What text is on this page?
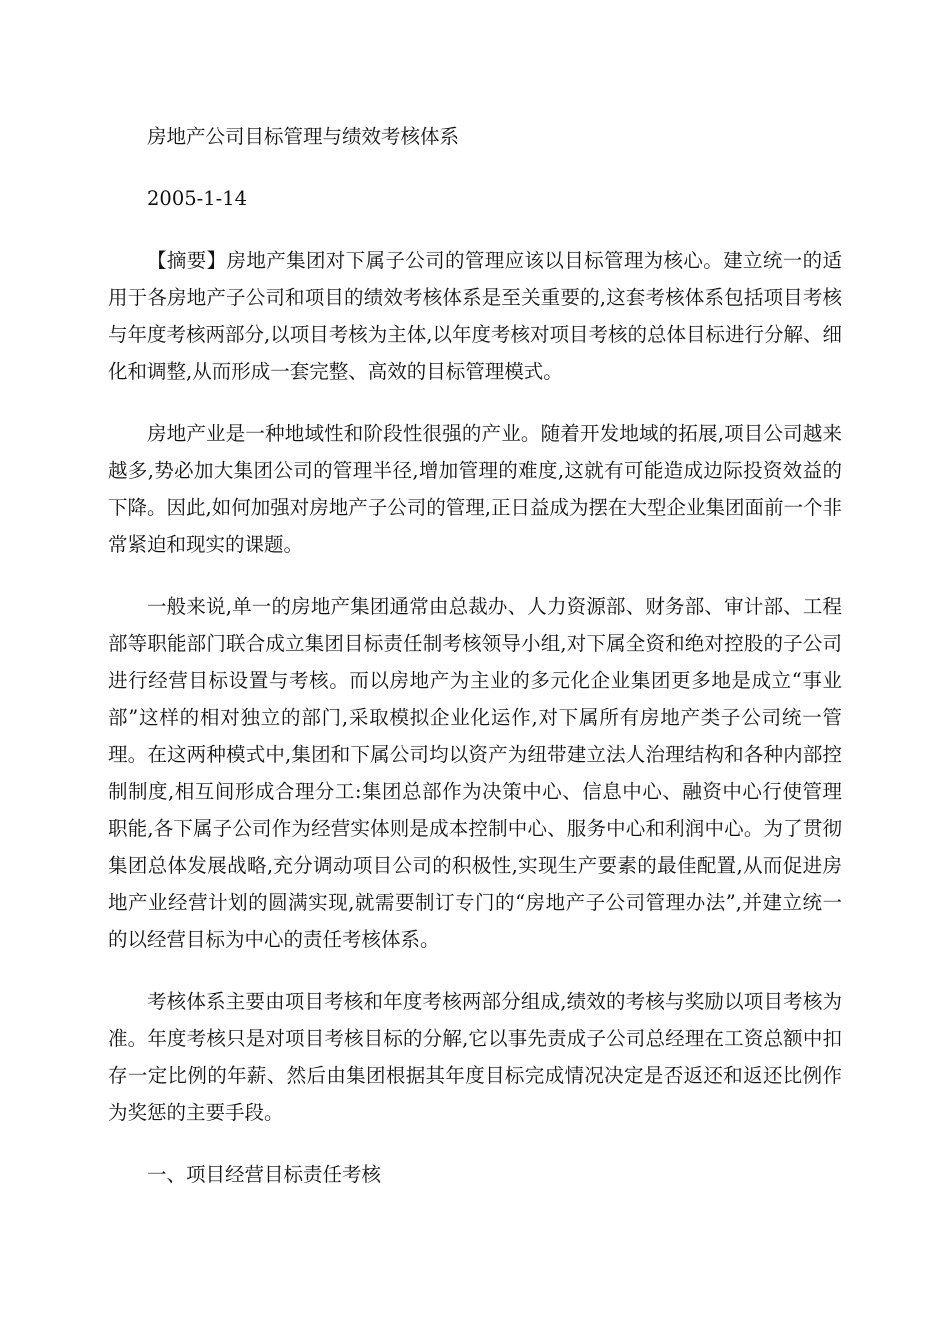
房地产公司目标管理与绩效考核体系
2005-1-14
【摘要】房地产集团对下属子公司的管理应该以目标管理为核心。建立统一的适用于各房地产子公司和项目的绩效考核体系是至关重要的,这套考核体系包括项目考核与年度考核两部分,以项目考核为主体,以年度考核对项目考核的总体目标进行分解、细化和调整,从而形成一套完整、高效的目标管理模式。
房地产业是一种地域性和阶段性很强的产业。随着开发地域的拓展,项目公司越来越多,势必加大集团公司的管理半径,增加管理的难度,这就有可能造成边际投资效益的下降。因此,如何加强对房地产子公司的管理,正日益成为摆在大型企业集团面前一个非常紧迫和现实的课题。
一般来说,单一的房地产集团通常由总裁办、人力资源部、财务部、审计部、工程部等职能部门联合成立集团目标责任制考核领导小组,对下属全资和绝对控股的子公司进行经营目标设置与考核。而以房地产为主业的多元化企业集团更多地是成立“事业部”这样的相对独立的部门,采取模拟企业化运作,对下属所有房地产类子公司统一管理。在这两种模式中,集团和下属公司均以资产为纽带建立法人治理结构和各种内部控制制度,相互间形成合理分工:集团总部作为决策中心、信息中心、融资中心行使管理职能,各下属子公司作为经营实体则是成本控制中心、服务中心和利润中心。为了贯彻集团总体发展战略,充分调动项目公司的积极性,实现生产要素的最佳配置,从而促进房地产业经营计划的圆满实现,就需要制订专门的“房地产子公司管理办法”,并建立统一的以经营目标为中心的责任考核体系。
考核体系主要由项目考核和年度考核两部分组成,绩效的考核与奖励以项目考核为准。年度考核只是对项目考核目标的分解,它以事先责成子公司总经理在工资总额中扣存一定比例的年薪、然后由集团根据其年度目标完成情况决定是否返还和返还比例作为奖惩的主要手段。
一、项目经营目标责任考核
